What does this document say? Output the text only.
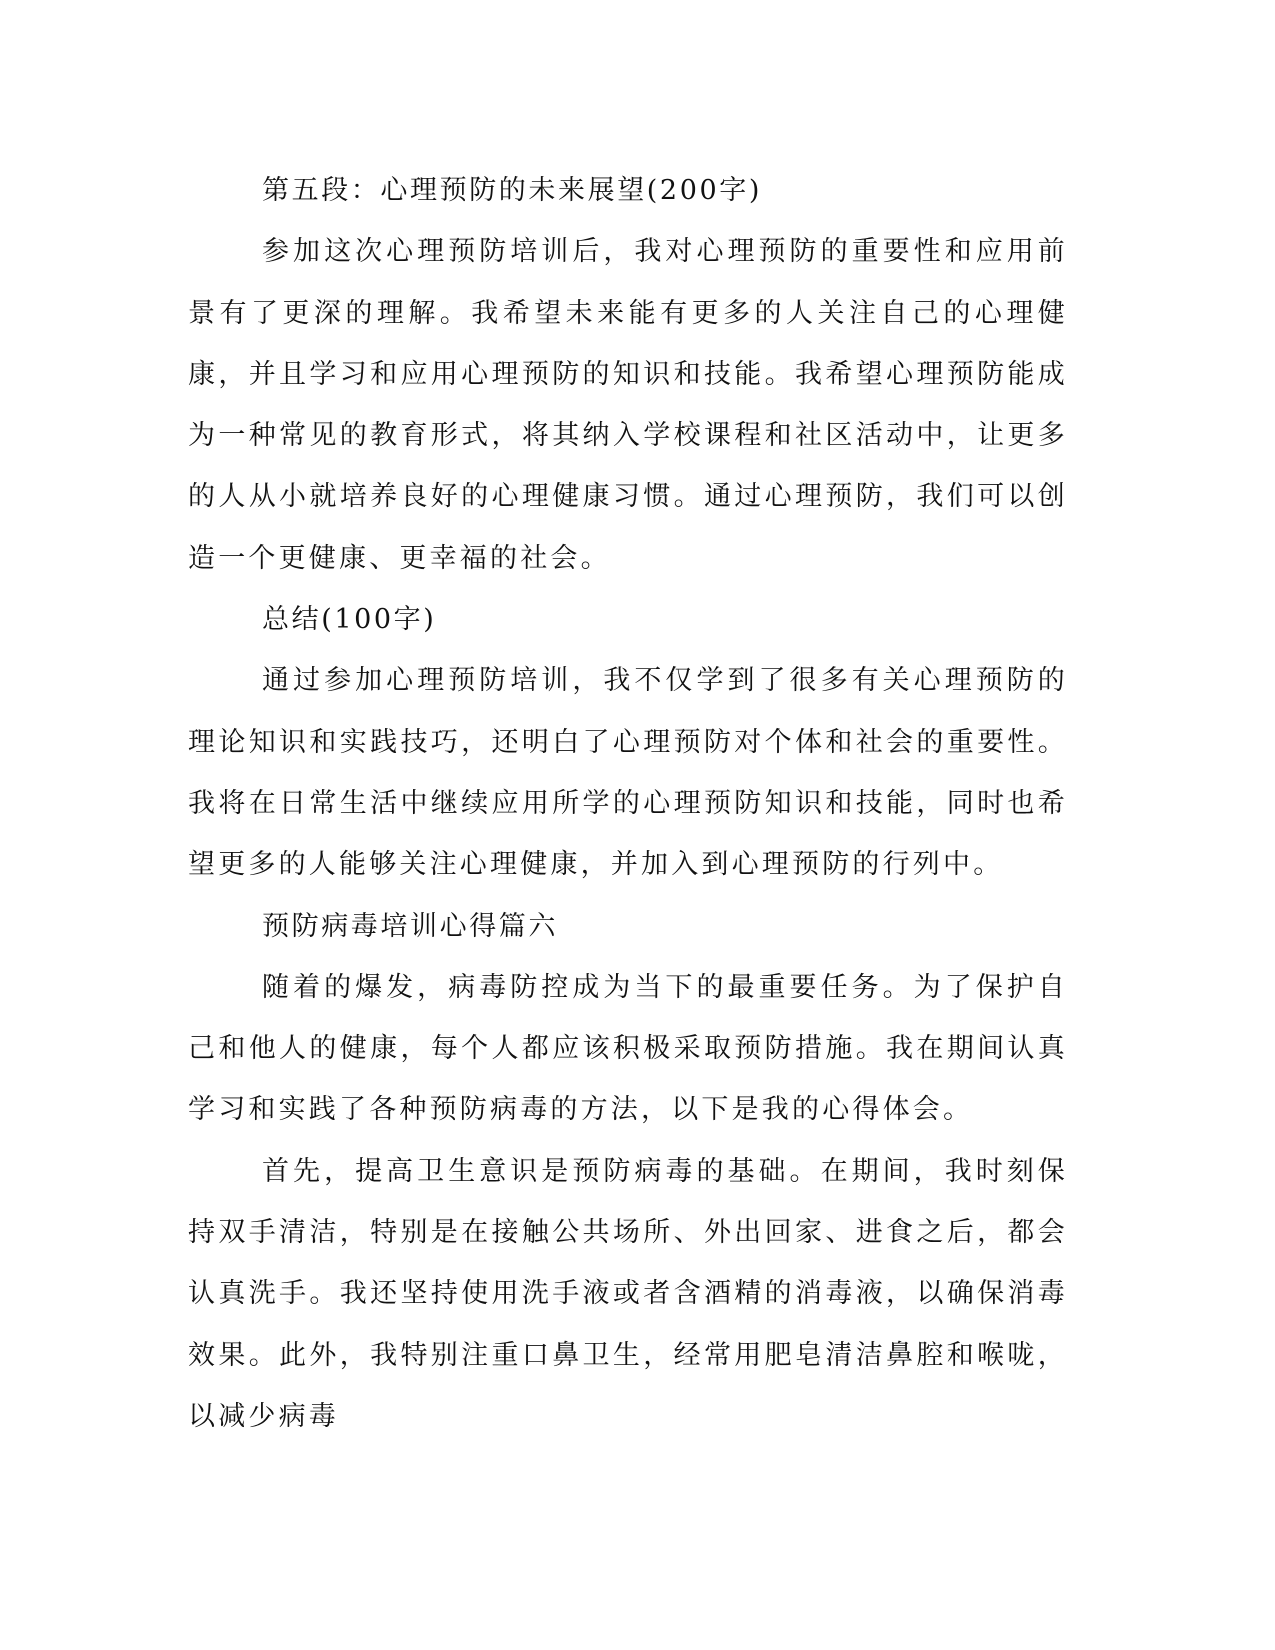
第五段：心理预防的未来展望(200字)

参加这次心理预防培训后，我对心理预防的重要性和应用前景有了更深的理解。我希望未来能有更多的人关注自己的心理健康，并且学习和应用心理预防的知识和技能。我希望心理预防能成为一种常见的教育形式，将其纳入学校课程和社区活动中，让更多的人从小就培养良好的心理健康习惯。通过心理预防，我们可以创造一个更健康、更幸福的社会。

总结(100字)

通过参加心理预防培训，我不仅学到了很多有关心理预防的理论知识和实践技巧，还明白了心理预防对个体和社会的重要性。我将在日常生活中继续应用所学的心理预防知识和技能，同时也希望更多的人能够关注心理健康，并加入到心理预防的行列中。

预防病毒培训心得篇六

随着的爆发，病毒防控成为当下的最重要任务。为了保护自己和他人的健康，每个人都应该积极采取预防措施。我在期间认真学习和实践了各种预防病毒的方法，以下是我的心得体会。

首先，提高卫生意识是预防病毒的基础。在期间，我时刻保持双手清洁，特别是在接触公共场所、外出回家、进食之后，都会认真洗手。我还坚持使用洗手液或者含酒精的消毒液，以确保消毒效果。此外，我特别注重口鼻卫生，经常用肥皂清洁鼻腔和喉咙，以减少病毒
